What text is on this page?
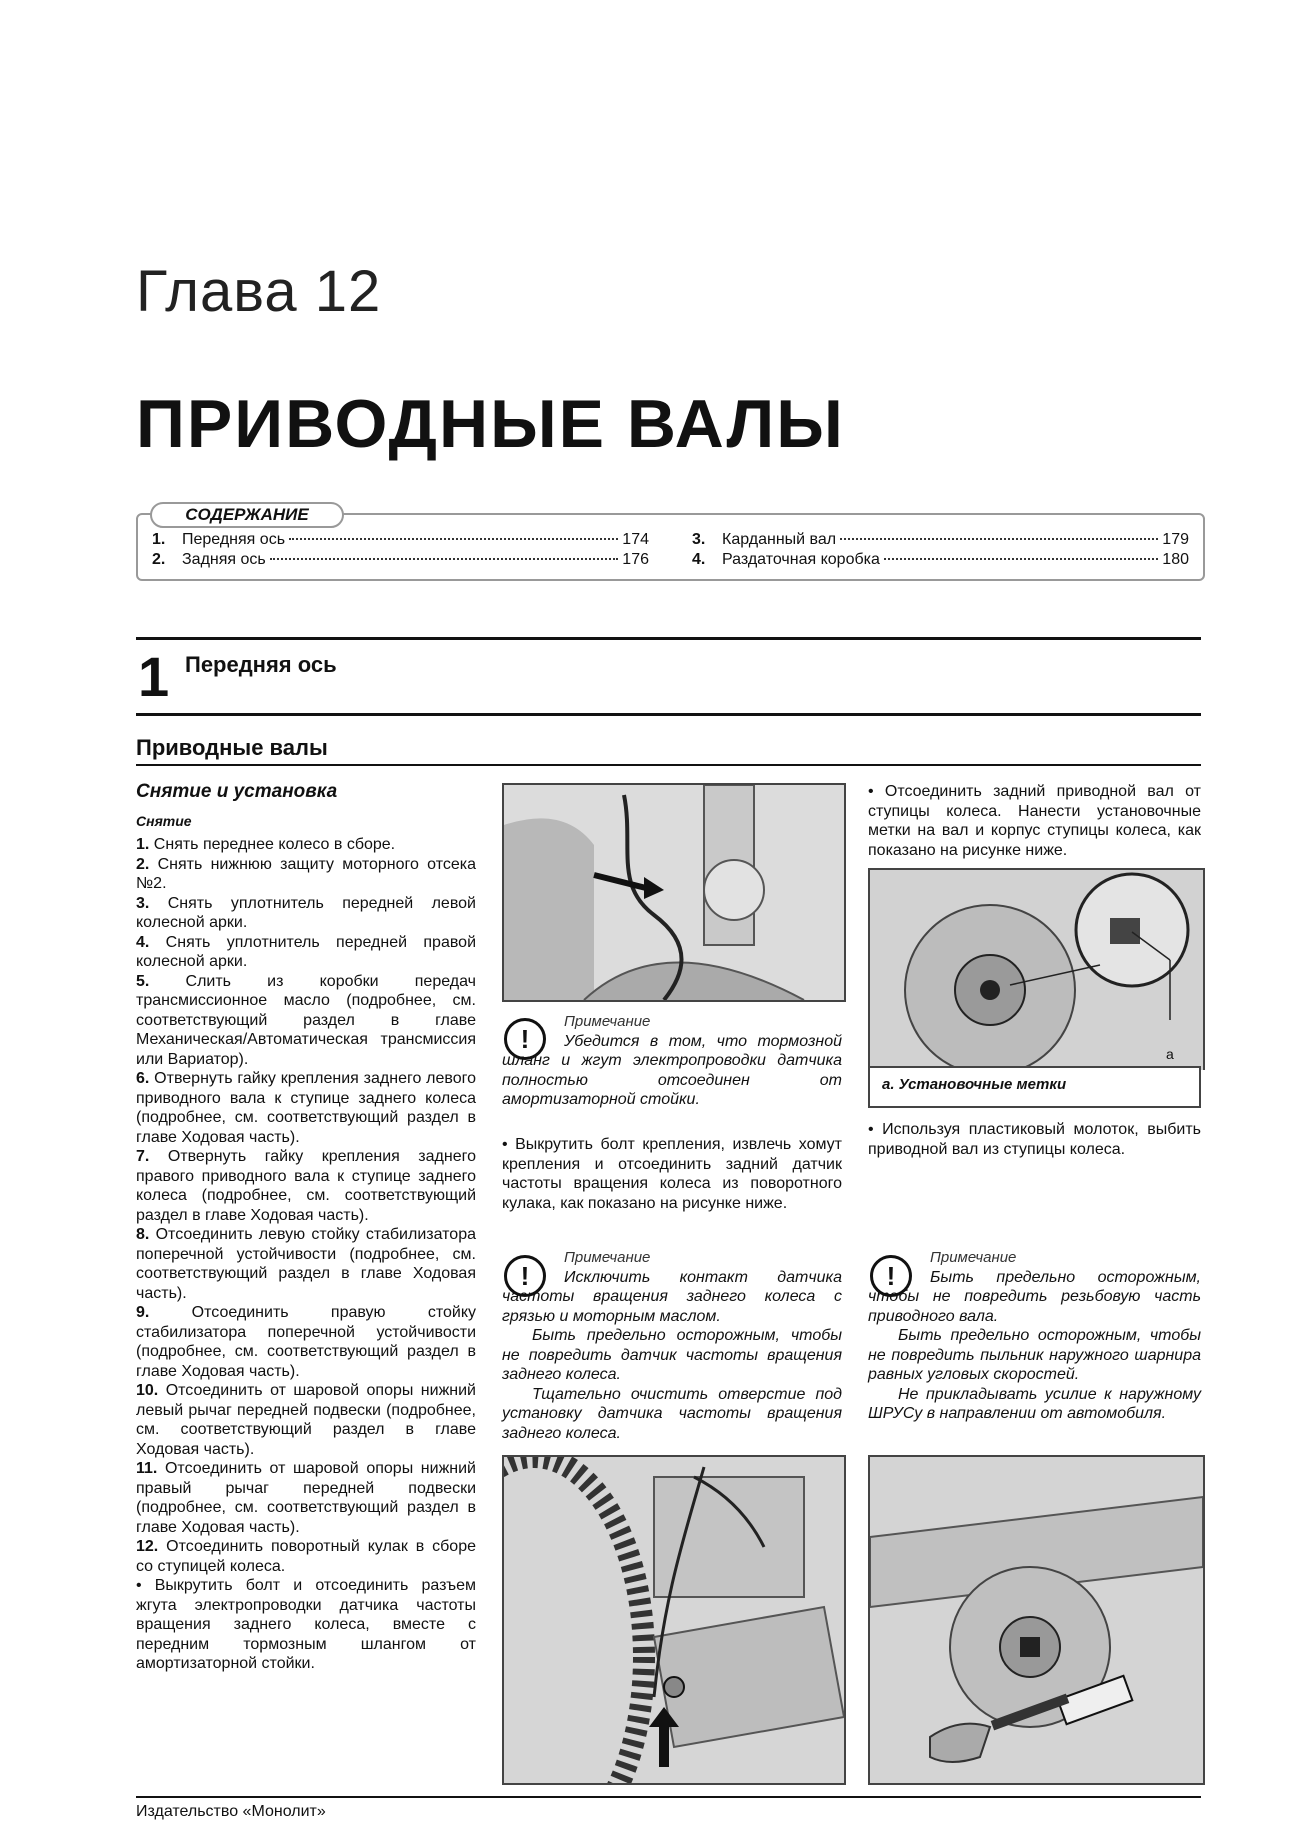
Глава 12
ПРИВОДНЫЕ ВАЛЫ
1.	Передняя ось	174
2.	Задняя ось	176
3.	Карданный вал	179
4.	Раздаточная коробка	180
СОДЕРЖАНИЕ
1 Передняя ось
Приводные валы

Снятие и установка

Снятие

1. Снять переднее колесо в сборе.

2. Снять нижнюю защиту моторного отсека №2.

3. Снять уплотнитель передней левой колесной арки.

4. Снять уплотнитель передней правой колесной арки.

5. Слить из коробки передач трансмиссионное масло (подробнее, см. соответствующий раздел в главе Механическая/Автоматическая трансмиссия или Вариатор).

6. Отвернуть гайку крепления заднего левого приводного вала к ступице заднего колеса (подробнее, см. соответствующий раздел в главе Ходовая часть).

7. Отвернуть гайку крепления заднего правого приводного вала к ступице заднего колеса (подробнее, см. соответствующий раздел в главе Ходовая часть).

8. Отсоединить левую стойку стабилизатора поперечной устойчивости (подробнее, см. соответствующий раздел в главе Ходовая часть).

9.	Отсоединить правую стойку стабилизатора поперечной устойчивости (подробнее, см. соответствующий раздел в главе Ходовая часть).

10. Отсоединить от шаровой опоры нижний левый рычаг передней подвески (подробнее, см. соответствующий раздел в главе Ходовая часть).

11. Отсоединить от шаровой опоры нижний правый рычаг передней подвески (подробнее, см. соответствующий раздел в главе Ходовая часть).

12. Отсоединить поворотный кулак в сборе со ступицей колеса.

• Выкрутить болт и отсоединить разъем жгута электропроводки датчика частоты вращения заднего колеса, вместе с передним тормозным шлангом от амортизаторной стойки.

!

Примечание

Убедится в том, что тормозной шланг и жгут электропроводки датчика полностью отсоединен от амортизаторной стойки.

• Выкрутить болт крепления, извлечь хомут крепления и отсоединить задний датчик частоты вращения колеса из поворотного кулака, как показано на рисунке ниже.

!

Примечание

Исключить контакт датчика частоты вращения заднего колеса с грязью и моторным маслом.

Быть предельно осторожным, чтобы не повредить датчик частоты вращения заднего колеса.

Тщательно очистить отверстие под установку датчика частоты вращения заднего колеса.

• Отсоединить задний приводной вал от ступицы колеса. Нанести установочные метки на вал и корпус ступицы колеса, как показано на рисунке ниже.

a
а. Установочные метки

• Используя пластиковый молоток, выбить приводной вал из ступицы колеса.

!

Примечание

Быть предельно осторожным, чтобы не повредить резьбовую часть приводного вала.

Быть предельно осторожным, чтобы не повредить пыльник наружного шарнира равных угловых скоростей.

Не прикладывать усилие к наружному ШРУСу в направлении от автомобиля.

Издательство «Монолит»
